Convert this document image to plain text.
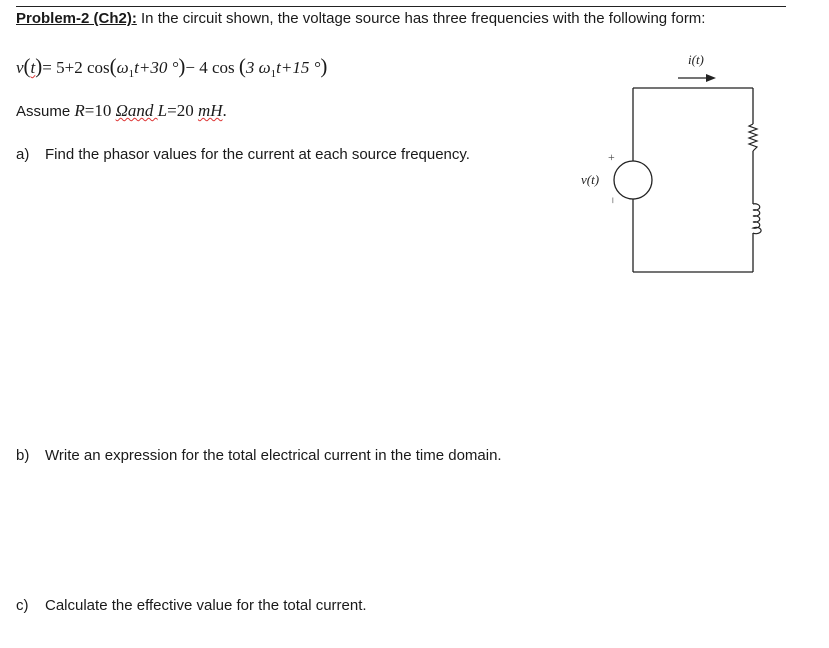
Problem-2 (Ch2): In the circuit shown, the voltage source has three frequencies with the following form:
v(t)= 5+2 $\cos(\omega_1t+30$ °)− 4 cos (3 $\omega_1t+15$ °)
Assume R=10 Ωand L=20 mH.
a) Find the phasor values for the current at each source frequency.
b) Write an expression for the total electrical current in the time domain.
c) Calculate the effective value for the total current.
i(t)
+
v(t)
−
